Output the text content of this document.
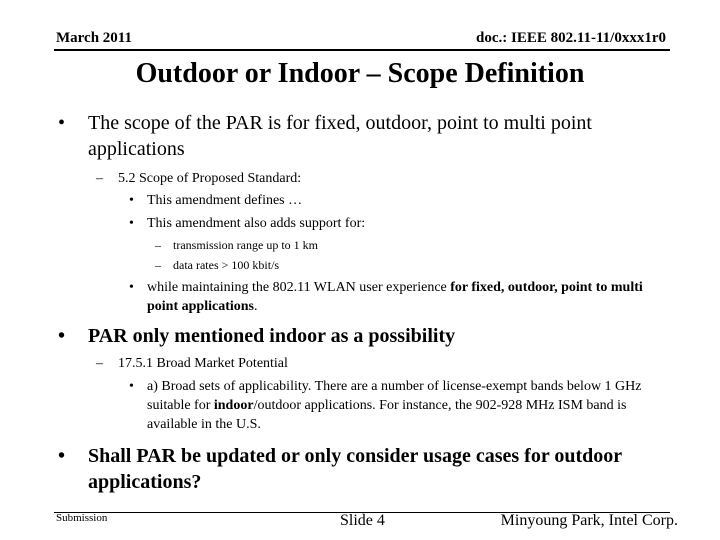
March 2011	doc.: IEEE 802.11-11/0xxx1r0
Outdoor or Indoor – Scope Definition
• The scope of the PAR is for fixed, outdoor, point to multi point applications
– 5.2 Scope of Proposed Standard:
• This amendment defines …
• This amendment also adds support for:
– transmission range up to 1 km
– data rates > 100 kbit/s
• while maintaining the 802.11 WLAN user experience for fixed, outdoor, point to multi point applications.
• PAR only mentioned indoor as a possibility
– 17.5.1 Broad Market Potential
• a) Broad sets of applicability. There are a number of license-exempt bands below 1 GHz suitable for indoor/outdoor applications. For instance, the 902-928 MHz ISM band is available in the U.S.
• Shall PAR be updated or only consider usage cases for outdoor applications?
Submission	Slide 4	Minyoung Park, Intel Corp.
